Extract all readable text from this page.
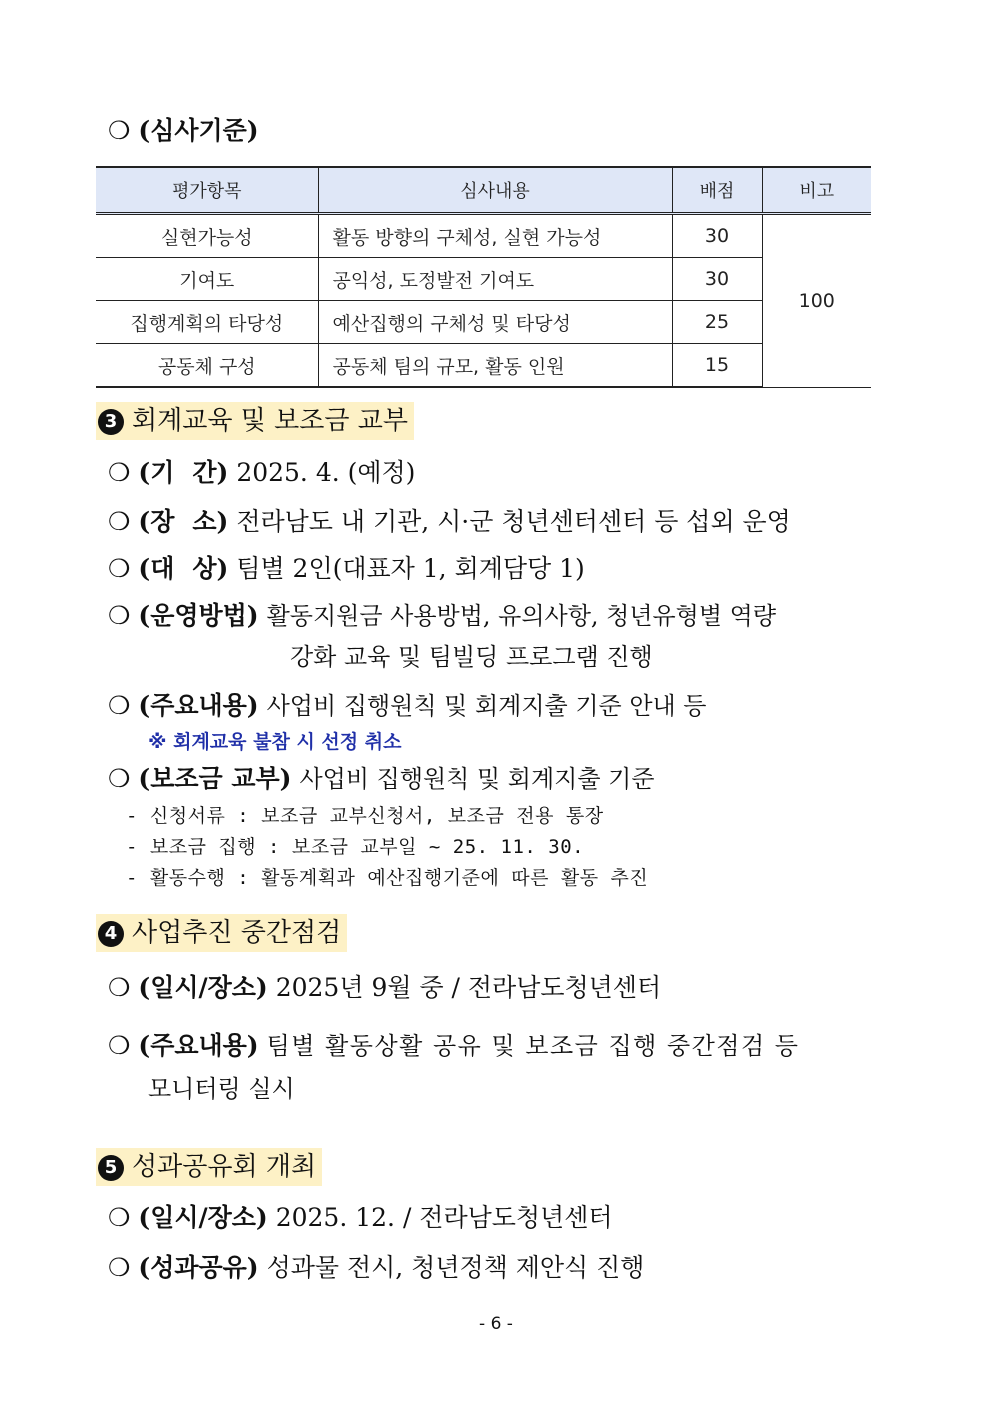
❍ (심사기준)
평가항목	심사내용	배점	비고
실현가능성	활동 방향의 구체성, 실현 가능성	30	100
기여도	공익성, 도정발전 기여도	30	
집행계획의 타당성	예산집행의 구체성 및 타당성	25	
공동체 구성	공동체 팀의 규모, 활동 인원	15	
3 회계교육 및 보조금 교부
❍ (기 간) 2025. 4. (예정)
❍ (장 소) 전라남도 내 기관, 시·군 청년센터센터 등 섭외 운영
❍ (대 상) 팀별 2인(대표자 1, 회계담당 1)
❍ (운영방법) 활동지원금 사용방법, 유의사항, 청년유형별 역량
강화 교육 및 팀빌딩 프로그램 진행
❍ (주요내용) 사업비 집행원칙 및 회계지출 기준 안내 등
※ 회계교육 불참 시 선정 취소
❍ (보조금 교부) 사업비 집행원칙 및 회계지출 기준
- 신청서류 : 보조금 교부신청서, 보조금 전용 통장
- 보조금 집행 : 보조금 교부일 ~ 25. 11. 30.
- 활동수행 : 활동계획과 예산집행기준에 따른 활동 추진
4 사업추진 중간점검
❍ (일시/장소) 2025년 9월 중 / 전라남도청년센터
❍ (주요내용) 팀별 활동상활 공유 및 보조금 집행 중간점검 등
모니터링 실시
5 성과공유회 개최
❍ (일시/장소) 2025. 12. / 전라남도청년센터
❍ (성과공유) 성과물 전시, 청년정책 제안식 진행
- 6 -
